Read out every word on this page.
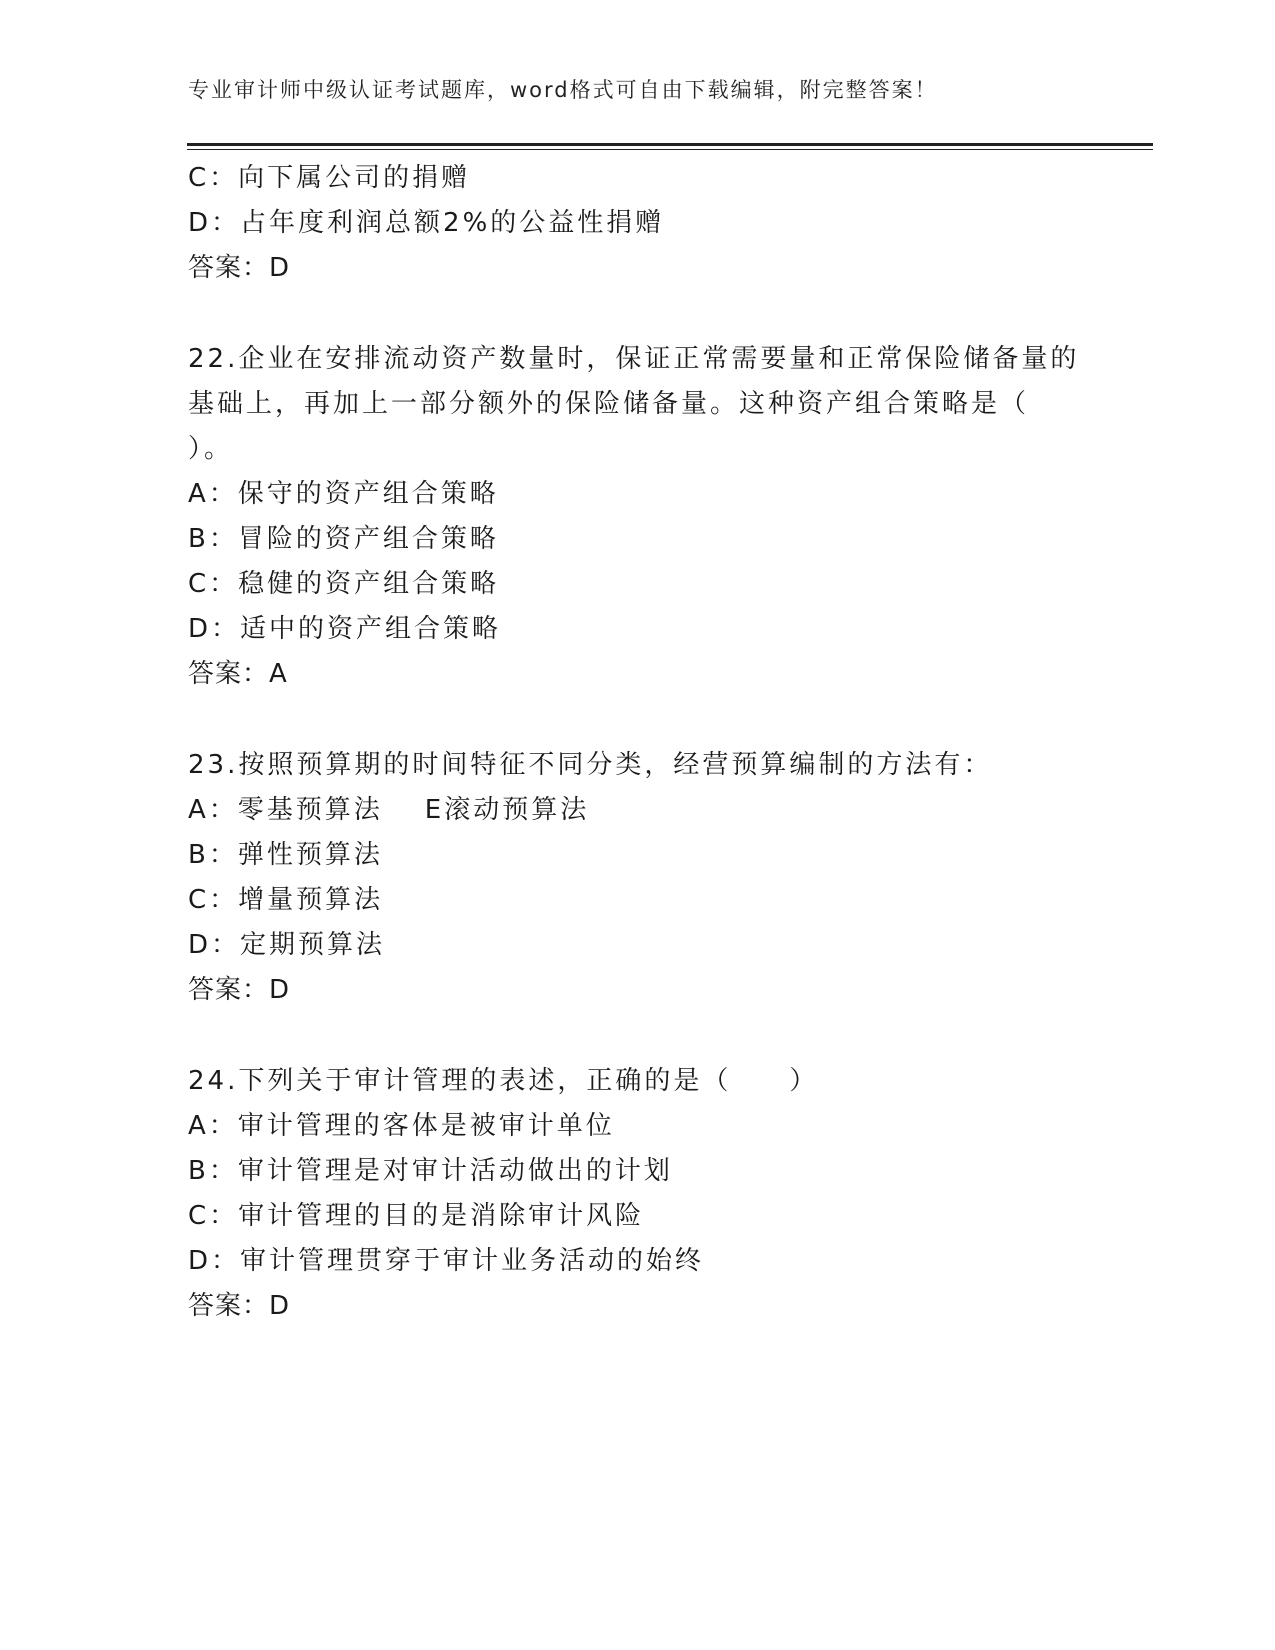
专业审计师中级认证考试题库，word格式可自由下载编辑，附完整答案！
C：向下属公司的捐赠
D：占年度利润总额2%的公益性捐赠
答案：D
22.企业在安排流动资产数量时，保证正常需要量和正常保险储备量的
基础上，再加上一部分额外的保险储备量。这种资产组合策略是（
）。
A：保守的资产组合策略
B：冒险的资产组合策略
C：稳健的资产组合策略
D：适中的资产组合策略
答案：A
23.按照预算期的时间特征不同分类，经营预算编制的方法有：
A：零基预算法 E滚动预算法
B：弹性预算法
C：增量预算法
D：定期预算法
答案：D
24.下列关于审计管理的表述，正确的是（　　）
A：审计管理的客体是被审计单位
B：审计管理是对审计活动做出的计划
C：审计管理的目的是消除审计风险
D：审计管理贯穿于审计业务活动的始终
答案：D
